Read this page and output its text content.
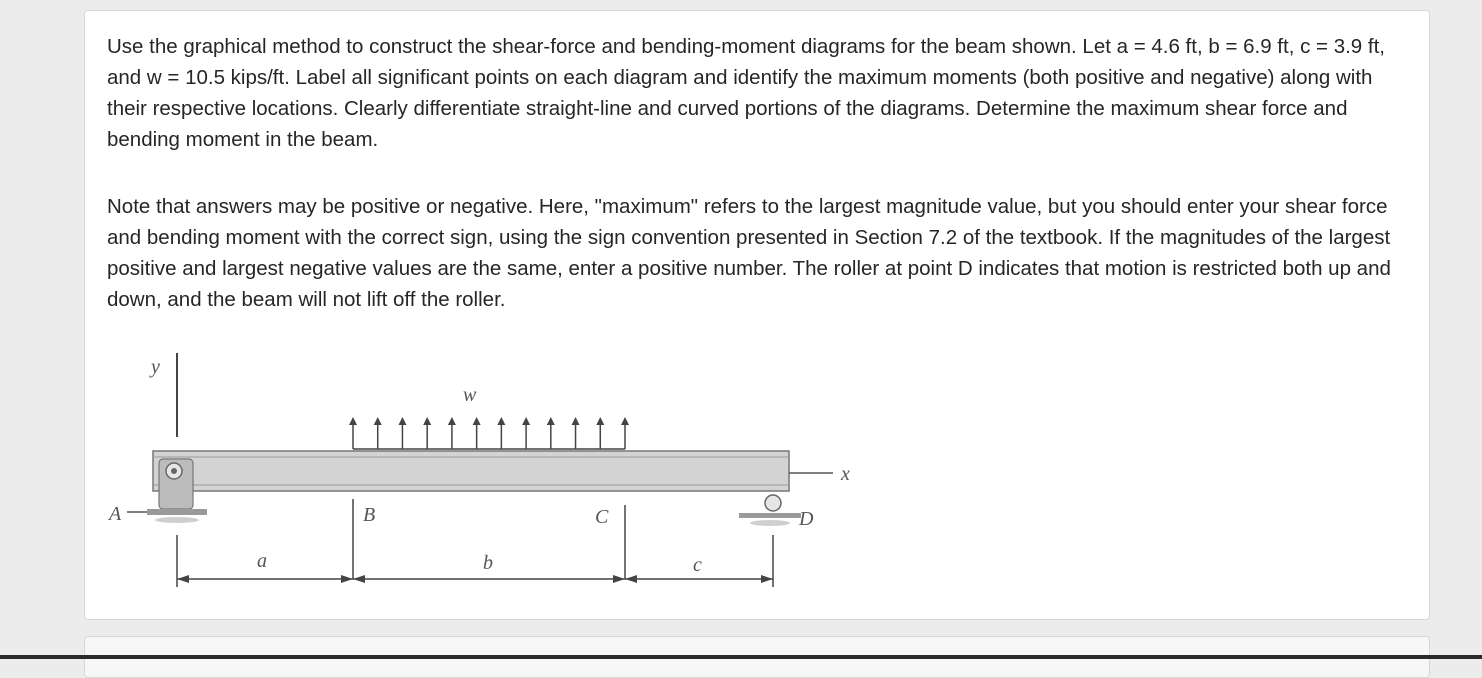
Use the graphical method to construct the shear-force and bending-moment diagrams for the beam shown. Let a = 4.6 ft, b = 6.9 ft, c = 3.9 ft, and w = 10.5 kips/ft. Label all significant points on each diagram and identify the maximum moments (both positive and negative) along with their respective locations. Clearly differentiate straight-line and curved portions of the diagrams. Determine the maximum shear force and bending moment in the beam.

Note that answers may be positive or negative. Here, "maximum" refers to the largest magnitude value, but you should enter your shear force and bending moment with the correct sign, using the sign convention presented in Section 7.2 of the textbook. If the magnitudes of the largest positive and largest negative values are the same, enter a positive number. The roller at point D indicates that motion is restricted both up and down, and the beam will not lift off the roller.

y
w
x
A	D
B	C
a	b	c
